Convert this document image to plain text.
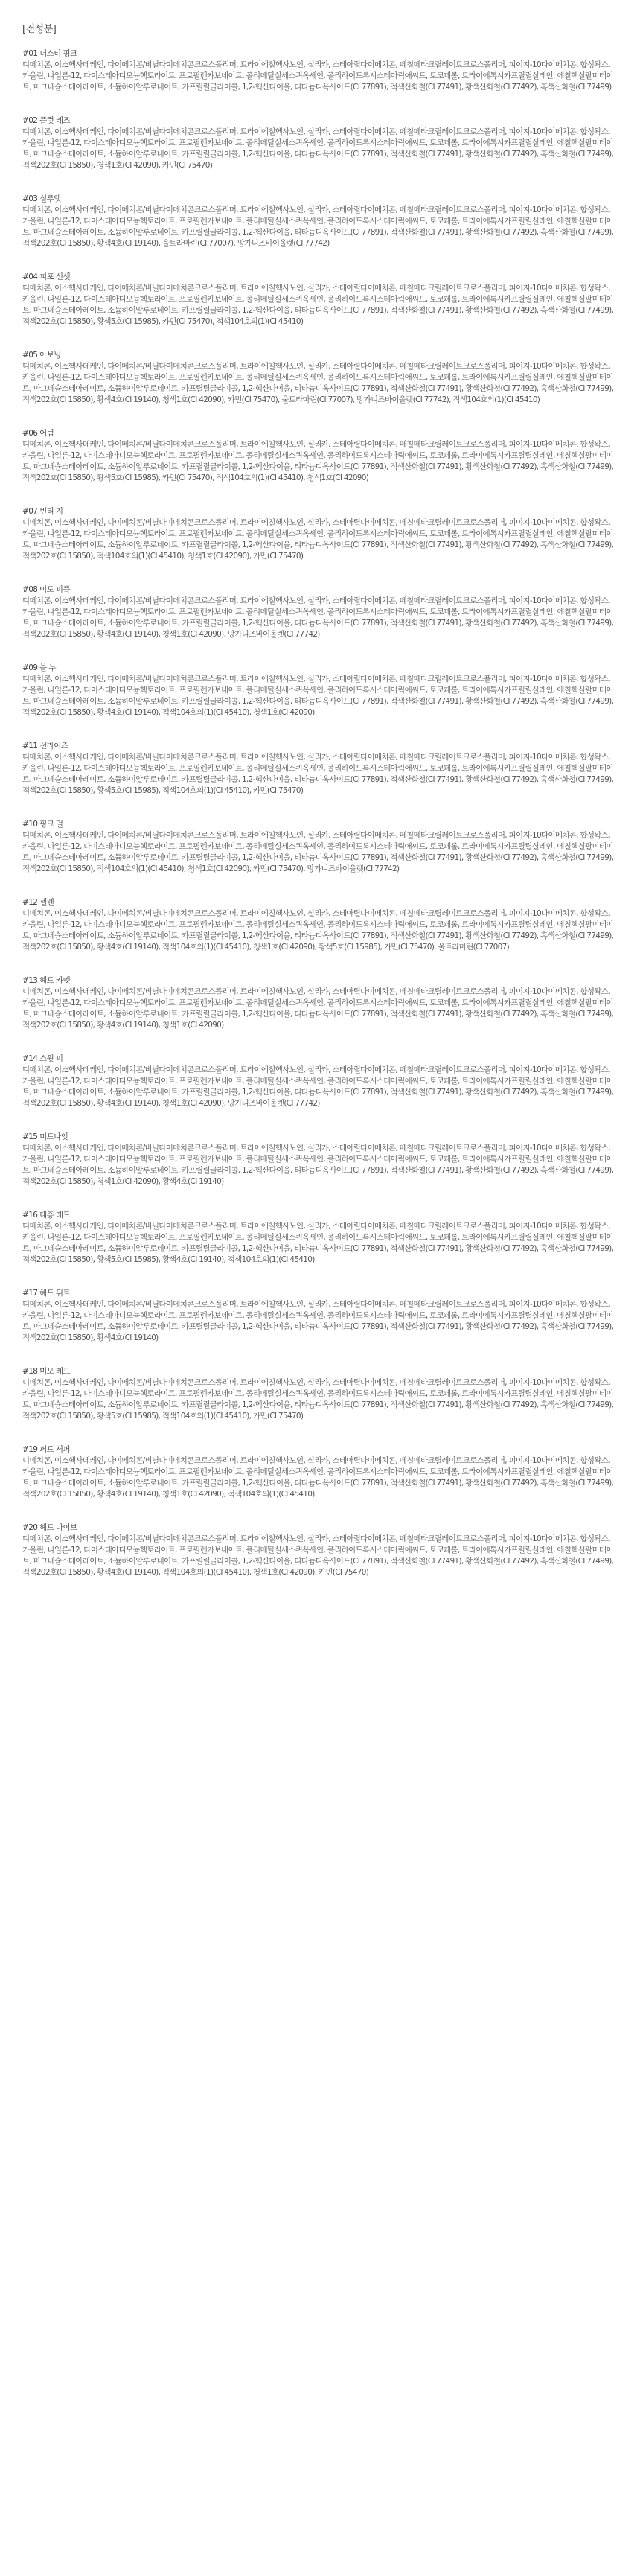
[전성분]

#01 더스티 핑크

디메치콘, 이소헥사데케인, 다이메치콘/비닐다이메치콘크로스폴리머, 트라이에칠헥사노인, 실리카, 스테아릴다이메치콘, 메칠메타크릴레이트크로스폴리머, 피이지-10다이메치콘, 합성왁스, 카올린, 나일론-12, 다이스테아디모늄헥토라이트, 프로필렌카보네이트, 폴리메틸실세스퀴옥세인, 폴리하이드록시스테아릭애씨드, 토코페롤, 트라이에톡시카프릴릴실레인, 에칠헥실팔미테이트, 마그네슘스테아레이트, 소듐하이알루로네이트, 카프릴릴글라이콜, 1,2-헥산다이올, 티타늄디옥사이드(CI 77891), 적색산화철(CI 77491), 황색산화철(CI 77492), 흑색산화철(CI 77499)

#02 플럿 레즈

디메치콘, 이소헥사데케인, 다이메치콘/비닐다이메치콘크로스폴리머, 트라이에칠헥사노인, 실리카, 스테아릴다이메치콘, 메칠메타크릴레이트크로스폴리머, 피이지-10다이메치콘, 합성왁스, 카올린, 나일론-12, 다이스테아디모늄헥토라이트, 프로필렌카보네이트, 폴리메틸실세스퀴옥세인, 폴리하이드록시스테아릭애씨드, 토코페롤, 트라이에톡시카프릴릴실레인, 에칠헥실팔미테이트, 마그네슘스테아레이트, 소듐하이알루로네이트, 카프릴릴글라이콜, 1,2-헥산다이올, 티타늄디옥사이드(CI 77891), 적색산화철(CI 77491), 황색산화철(CI 77492), 흑색산화철(CI 77499), 적색202호(CI 15850), 청색1호(CI 42090), 카민(CI 75470)

#03 실루엣

디메치콘, 이소헥사데케인, 다이메치콘/비닐다이메치콘크로스폴리머, 트라이에칠헥사노인, 실리카, 스테아릴다이메치콘, 메칠메타크릴레이트크로스폴리머, 피이지-10다이메치콘, 합성왁스, 카올린, 나일론-12, 다이스테아디모늄헥토라이트, 프로필렌카보네이트, 폴리메틸실세스퀴옥세인, 폴리하이드록시스테아릭애씨드, 토코페롤, 트라이에톡시카프릴릴실레인, 에칠헥실팔미테이트, 마그네슘스테아레이트, 소듐하이알루로네이트, 카프릴릴글라이콜, 1,2-헥산다이올, 티타늄디옥사이드(CI 77891), 적색산화철(CI 77491), 황색산화철(CI 77492), 흑색산화철(CI 77499), 적색202호(CI 15850), 황색4호(CI 19140), 울트라마린(CI 77007), 망가니즈바이올렛(CI 77742)

#04 피포 선셋

디메치콘, 이소헥사데케인, 다이메치콘/비닐다이메치콘크로스폴리머, 트라이에칠헥사노인, 실리카, 스테아릴다이메치콘, 메칠메타크릴레이트크로스폴리머, 피이지-10다이메치콘, 합성왁스, 카올린, 나일론-12, 다이스테아디모늄헥토라이트, 프로필렌카보네이트, 폴리메틸실세스퀴옥세인, 폴리하이드록시스테아릭애씨드, 토코페롤, 트라이에톡시카프릴릴실레인, 에칠헥실팔미테이트, 마그네슘스테아레이트, 소듐하이알루로네이트, 카프릴릴글라이콜, 1,2-헥산다이올, 티타늄디옥사이드(CI 77891), 적색산화철(CI 77491), 황색산화철(CI 77492), 흑색산화철(CI 77499), 적색202호(CI 15850), 황색5호(CI 15985), 카민(CI 75470), 적색104호의(1)(CI 45410)

#05 아보닝

디메치콘, 이소헥사데케인, 다이메치콘/비닐다이메치콘크로스폴리머, 트라이에칠헥사노인, 실리카, 스테아릴다이메치콘, 메칠메타크릴레이트크로스폴리머, 피이지-10다이메치콘, 합성왁스, 카올린, 나일론-12, 다이스테아디모늄헥토라이트, 프로필렌카보네이트, 폴리메틸실세스퀴옥세인, 폴리하이드록시스테아릭애씨드, 토코페롤, 트라이에톡시카프릴릴실레인, 에칠헥실팔미테이트, 마그네슘스테아레이트, 소듐하이알루로네이트, 카프릴릴글라이콜, 1,2-헥산다이올, 티타늄디옥사이드(CI 77891), 적색산화철(CI 77491), 황색산화철(CI 77492), 흑색산화철(CI 77499), 적색202호(CI 15850), 황색4호(CI 19140), 청색1호(CI 42090), 카민(CI 75470), 울트라마린(CI 77007), 망가니즈바이올렛(CI 77742), 적색104호의(1)(CI 45410)

#06 어텀

디메치콘, 이소헥사데케인, 다이메치콘/비닐다이메치콘크로스폴리머, 트라이에칠헥사노인, 실리카, 스테아릴다이메치콘, 메칠메타크릴레이트크로스폴리머, 피이지-10다이메치콘, 합성왁스, 카올린, 나일론-12, 다이스테아디모늄헥토라이트, 프로필렌카보네이트, 폴리메틸실세스퀴옥세인, 폴리하이드록시스테아릭애씨드, 토코페롤, 트라이에톡시카프릴릴실레인, 에칠헥실팔미테이트, 마그네슘스테아레이트, 소듐하이알루로네이트, 카프릴릴글라이콜, 1,2-헥산다이올, 티타늄디옥사이드(CI 77891), 적색산화철(CI 77491), 황색산화철(CI 77492), 흑색산화철(CI 77499), 적색202호(CI 15850), 황색5호(CI 15985), 카민(CI 75470), 적색104호의(1)(CI 45410), 청색1호(CI 42090)

#07 빈티 지

디메치콘, 이소헥사데케인, 다이메치콘/비닐다이메치콘크로스폴리머, 트라이에칠헥사노인, 실리카, 스테아릴다이메치콘, 메칠메타크릴레이트크로스폴리머, 피이지-10다이메치콘, 합성왁스, 카올린, 나일론-12, 다이스테아디모늄헥토라이트, 프로필렌카보네이트, 폴리메틸실세스퀴옥세인, 폴리하이드록시스테아릭애씨드, 토코페롤, 트라이에톡시카프릴릴실레인, 에칠헥실팔미테이트, 마그네슘스테아레이트, 소듐하이알루로네이트, 카프릴릴글라이콜, 1,2-헥산다이올, 티타늄디옥사이드(CI 77891), 적색산화철(CI 77491), 황색산화철(CI 77492), 흑색산화철(CI 77499), 적색202호(CI 15850), 적색104호의(1)(CI 45410), 청색1호(CI 42090), 카민(CI 75470)

#08 이도 피플

디메치콘, 이소헥사데케인, 다이메치콘/비닐다이메치콘크로스폴리머, 트라이에칠헥사노인, 실리카, 스테아릴다이메치콘, 메칠메타크릴레이트크로스폴리머, 피이지-10다이메치콘, 합성왁스, 카올린, 나일론-12, 다이스테아디모늄헥토라이트, 프로필렌카보네이트, 폴리메틸실세스퀴옥세인, 폴리하이드록시스테아릭애씨드, 토코페롤, 트라이에톡시카프릴릴실레인, 에칠헥실팔미테이트, 마그네슘스테아레이트, 소듐하이알루로네이트, 카프릴릴글라이콜, 1,2-헥산다이올, 티타늄디옥사이드(CI 77891), 적색산화철(CI 77491), 황색산화철(CI 77492), 흑색산화철(CI 77499), 적색202호(CI 15850), 황색4호(CI 19140), 청색1호(CI 42090), 망가니즈바이올렛(CI 77742)

#09 블 누

디메치콘, 이소헥사데케인, 다이메치콘/비닐다이메치콘크로스폴리머, 트라이에칠헥사노인, 실리카, 스테아릴다이메치콘, 메칠메타크릴레이트크로스폴리머, 피이지-10다이메치콘, 합성왁스, 카올린, 나일론-12, 다이스테아디모늄헥토라이트, 프로필렌카보네이트, 폴리메틸실세스퀴옥세인, 폴리하이드록시스테아릭애씨드, 토코페롤, 트라이에톡시카프릴릴실레인, 에칠헥실팔미테이트, 마그네슘스테아레이트, 소듐하이알루로네이트, 카프릴릴글라이콜, 1,2-헥산다이올, 티타늄디옥사이드(CI 77891), 적색산화철(CI 77491), 황색산화철(CI 77492), 흑색산화철(CI 77499), 적색202호(CI 15850), 황색4호(CI 19140), 적색104호의(1)(CI 45410), 청색1호(CI 42090)

#11 선라이즈

디메치콘, 이소헥사데케인, 다이메치콘/비닐다이메치콘크로스폴리머, 트라이에칠헥사노인, 실리카, 스테아릴다이메치콘, 메칠메타크릴레이트크로스폴리머, 피이지-10다이메치콘, 합성왁스, 카올린, 나일론-12, 다이스테아디모늄헥토라이트, 프로필렌카보네이트, 폴리메틸실세스퀴옥세인, 폴리하이드록시스테아릭애씨드, 토코페롤, 트라이에톡시카프릴릴실레인, 에칠헥실팔미테이트, 마그네슘스테아레이트, 소듐하이알루로네이트, 카프릴릴글라이콜, 1,2-헥산다이올, 티타늄디옥사이드(CI 77891), 적색산화철(CI 77491), 황색산화철(CI 77492), 흑색산화철(CI 77499), 적색202호(CI 15850), 황색5호(CI 15985), 적색104호의(1)(CI 45410), 카민(CI 75470)

#10 핑크 멀

디메치콘, 이소헥사데케인, 다이메치콘/비닐다이메치콘크로스폴리머, 트라이에칠헥사노인, 실리카, 스테아릴다이메치콘, 메칠메타크릴레이트크로스폴리머, 피이지-10다이메치콘, 합성왁스, 카올린, 나일론-12, 다이스테아디모늄헥토라이트, 프로필렌카보네이트, 폴리메틸실세스퀴옥세인, 폴리하이드록시스테아릭애씨드, 토코페롤, 트라이에톡시카프릴릴실레인, 에칠헥실팔미테이트, 마그네슘스테아레이트, 소듐하이알루로네이트, 카프릴릴글라이콜, 1,2-헥산다이올, 티타늄디옥사이드(CI 77891), 적색산화철(CI 77491), 황색산화철(CI 77492), 흑색산화철(CI 77499), 적색202호(CI 15850), 적색104호의(1)(CI 45410), 청색1호(CI 42090), 카민(CI 75470), 망가니즈바이올렛(CI 77742)

#12 셀렌

디메치콘, 이소헥사데케인, 다이메치콘/비닐다이메치콘크로스폴리머, 트라이에칠헥사노인, 실리카, 스테아릴다이메치콘, 메칠메타크릴레이트크로스폴리머, 피이지-10다이메치콘, 합성왁스, 카올린, 나일론-12, 다이스테아디모늄헥토라이트, 프로필렌카보네이트, 폴리메틸실세스퀴옥세인, 폴리하이드록시스테아릭애씨드, 토코페롤, 트라이에톡시카프릴릴실레인, 에칠헥실팔미테이트, 마그네슘스테아레이트, 소듐하이알루로네이트, 카프릴릴글라이콜, 1,2-헥산다이올, 티타늄디옥사이드(CI 77891), 적색산화철(CI 77491), 황색산화철(CI 77492), 흑색산화철(CI 77499), 적색202호(CI 15850), 황색4호(CI 19140), 적색104호의(1)(CI 45410), 청색1호(CI 42090), 황색5호(CI 15985), 카민(CI 75470), 울트라마린(CI 77007)

#13 헤드 카멧

디메치콘, 이소헥사데케인, 다이메치콘/비닐다이메치콘크로스폴리머, 트라이에칠헥사노인, 실리카, 스테아릴다이메치콘, 메칠메타크릴레이트크로스폴리머, 피이지-10다이메치콘, 합성왁스, 카올린, 나일론-12, 다이스테아디모늄헥토라이트, 프로필렌카보네이트, 폴리메틸실세스퀴옥세인, 폴리하이드록시스테아릭애씨드, 토코페롤, 트라이에톡시카프릴릴실레인, 에칠헥실팔미테이트, 마그네슘스테아레이트, 소듐하이알루로네이트, 카프릴릴글라이콜, 1,2-헥산다이올, 티타늄디옥사이드(CI 77891), 적색산화철(CI 77491), 황색산화철(CI 77492), 흑색산화철(CI 77499), 적색202호(CI 15850), 황색4호(CI 19140), 청색1호(CI 42090)

#14 스윗 피

디메치콘, 이소헥사데케인, 다이메치콘/비닐다이메치콘크로스폴리머, 트라이에칠헥사노인, 실리카, 스테아릴다이메치콘, 메칠메타크릴레이트크로스폴리머, 피이지-10다이메치콘, 합성왁스, 카올린, 나일론-12, 다이스테아디모늄헥토라이트, 프로필렌카보네이트, 폴리메틸실세스퀴옥세인, 폴리하이드록시스테아릭애씨드, 토코페롤, 트라이에톡시카프릴릴실레인, 에칠헥실팔미테이트, 마그네슘스테아레이트, 소듐하이알루로네이트, 카프릴릴글라이콜, 1,2-헥산다이올, 티타늄디옥사이드(CI 77891), 적색산화철(CI 77491), 황색산화철(CI 77492), 흑색산화철(CI 77499), 적색202호(CI 15850), 황색4호(CI 19140), 청색1호(CI 42090), 망가니즈바이올렛(CI 77742)

#15 미드나잇

디메치콘, 이소헥사데케인, 다이메치콘/비닐다이메치콘크로스폴리머, 트라이에칠헥사노인, 실리카, 스테아릴다이메치콘, 메칠메타크릴레이트크로스폴리머, 피이지-10다이메치콘, 합성왁스, 카올린, 나일론-12, 다이스테아디모늄헥토라이트, 프로필렌카보네이트, 폴리메틸실세스퀴옥세인, 폴리하이드록시스테아릭애씨드, 토코페롤, 트라이에톡시카프릴릴실레인, 에칠헥실팔미테이트, 마그네슘스테아레이트, 소듐하이알루로네이트, 카프릴릴글라이콜, 1,2-헥산다이올, 티타늄디옥사이드(CI 77891), 적색산화철(CI 77491), 황색산화철(CI 77492), 흑색산화철(CI 77499), 적색202호(CI 15850), 청색1호(CI 42090), 황색4호(CI 19140)

#16 대흥 레드

디메치콘, 이소헥사데케인, 다이메치콘/비닐다이메치콘크로스폴리머, 트라이에칠헥사노인, 실리카, 스테아릴다이메치콘, 메칠메타크릴레이트크로스폴리머, 피이지-10다이메치콘, 합성왁스, 카올린, 나일론-12, 다이스테아디모늄헥토라이트, 프로필렌카보네이트, 폴리메틸실세스퀴옥세인, 폴리하이드록시스테아릭애씨드, 토코페롤, 트라이에톡시카프릴릴실레인, 에칠헥실팔미테이트, 마그네슘스테아레이트, 소듐하이알루로네이트, 카프릴릴글라이콜, 1,2-헥산다이올, 티타늄디옥사이드(CI 77891), 적색산화철(CI 77491), 황색산화철(CI 77492), 흑색산화철(CI 77499), 적색202호(CI 15850), 황색5호(CI 15985), 황색4호(CI 19140), 적색104호의(1)(CI 45410)

#17 헤드 위트

디메치콘, 이소헥사데케인, 다이메치콘/비닐다이메치콘크로스폴리머, 트라이에칠헥사노인, 실리카, 스테아릴다이메치콘, 메칠메타크릴레이트크로스폴리머, 피이지-10다이메치콘, 합성왁스, 카올린, 나일론-12, 다이스테아디모늄헥토라이트, 프로필렌카보네이트, 폴리메틸실세스퀴옥세인, 폴리하이드록시스테아릭애씨드, 토코페롤, 트라이에톡시카프릴릴실레인, 에칠헥실팔미테이트, 마그네슘스테아레이트, 소듐하이알루로네이트, 카프릴릴글라이콜, 1,2-헥산다이올, 티타늄디옥사이드(CI 77891), 적색산화철(CI 77491), 황색산화철(CI 77492), 흑색산화철(CI 77499), 적색202호(CI 15850), 황색4호(CI 19140)

#18 미모 레드

디메치콘, 이소헥사데케인, 다이메치콘/비닐다이메치콘크로스폴리머, 트라이에칠헥사노인, 실리카, 스테아릴다이메치콘, 메칠메타크릴레이트크로스폴리머, 피이지-10다이메치콘, 합성왁스, 카올린, 나일론-12, 다이스테아디모늄헥토라이트, 프로필렌카보네이트, 폴리메틸실세스퀴옥세인, 폴리하이드록시스테아릭애씨드, 토코페롤, 트라이에톡시카프릴릴실레인, 에칠헥실팔미테이트, 마그네슘스테아레이트, 소듐하이알루로네이트, 카프릴릴글라이콜, 1,2-헥산다이올, 티타늄디옥사이드(CI 77891), 적색산화철(CI 77491), 황색산화철(CI 77492), 흑색산화철(CI 77499), 적색202호(CI 15850), 황색5호(CI 15985), 적색104호의(1)(CI 45410), 카민(CI 75470)

#19 퍼드 서퍼

디메치콘, 이소헥사데케인, 다이메치콘/비닐다이메치콘크로스폴리머, 트라이에칠헥사노인, 실리카, 스테아릴다이메치콘, 메칠메타크릴레이트크로스폴리머, 피이지-10다이메치콘, 합성왁스, 카올린, 나일론-12, 다이스테아디모늄헥토라이트, 프로필렌카보네이트, 폴리메틸실세스퀴옥세인, 폴리하이드록시스테아릭애씨드, 토코페롤, 트라이에톡시카프릴릴실레인, 에칠헥실팔미테이트, 마그네슘스테아레이트, 소듐하이알루로네이트, 카프릴릴글라이콜, 1,2-헥산다이올, 티타늄디옥사이드(CI 77891), 적색산화철(CI 77491), 황색산화철(CI 77492), 흑색산화철(CI 77499), 적색202호(CI 15850), 황색4호(CI 19140), 청색1호(CI 42090), 적색104호의(1)(CI 45410)

#20 헤드 다이브

디메치콘, 이소헥사데케인, 다이메치콘/비닐다이메치콘크로스폴리머, 트라이에칠헥사노인, 실리카, 스테아릴다이메치콘, 메칠메타크릴레이트크로스폴리머, 피이지-10다이메치콘, 합성왁스, 카올린, 나일론-12, 다이스테아디모늄헥토라이트, 프로필렌카보네이트, 폴리메틸실세스퀴옥세인, 폴리하이드록시스테아릭애씨드, 토코페롤, 트라이에톡시카프릴릴실레인, 에칠헥실팔미테이트, 마그네슘스테아레이트, 소듐하이알루로네이트, 카프릴릴글라이콜, 1,2-헥산다이올, 티타늄디옥사이드(CI 77891), 적색산화철(CI 77491), 황색산화철(CI 77492), 흑색산화철(CI 77499), 적색202호(CI 15850), 황색4호(CI 19140), 적색104호의(1)(CI 45410), 청색1호(CI 42090), 카민(CI 75470)
